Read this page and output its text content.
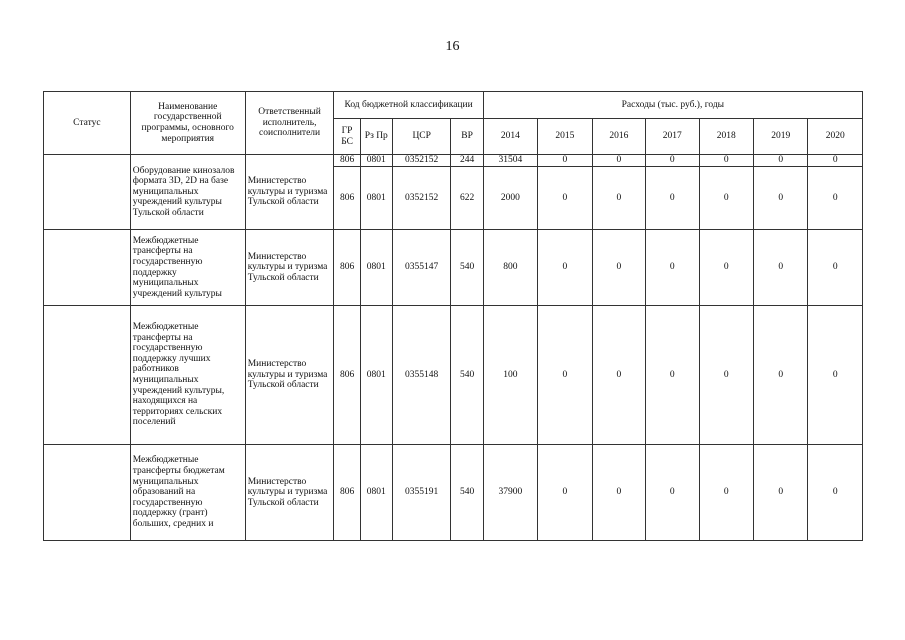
16
Статус	Наименование государственной программы, основного мероприятия	Ответственный исполнитель, соисполнители	Код бюджетной классификации				Расходы (тыс. руб.), годы						
			ГР БС	Рз Пр	ЦСР	ВР	2014	2015	2016	2017	2018	2019	2020
	Оборудование кинозалов формата 3D, 2D на базе муниципальных учреждений культуры Тульской области	Министерство культуры и туризма Тульской области	806	0801	0352152	244	31504	0	0	0	0	0	0
			806	0801	0352152	622	2000	0	0	0	0	0	0
	Межбюджетные трансферты на государственную поддержку муниципальных учреждений культуры	Министерство культуры и туризма Тульской области	806	0801	0355147	540	800	0	0	0	0	0	0
	Межбюджетные трансферты на государственную поддержку лучших работников муниципальных учреждений культуры, находящихся на территориях сельских поселений	Министерство культуры и туризма Тульской области	806	0801	0355148	540	100	0	0	0	0	0	0
	Межбюджетные трансферты бюджетам муниципальных образований на государственную поддержку (грант) больших, средних и	Министерство культуры и туризма Тульской области	806	0801	0355191	540	37900	0	0	0	0	0	0
